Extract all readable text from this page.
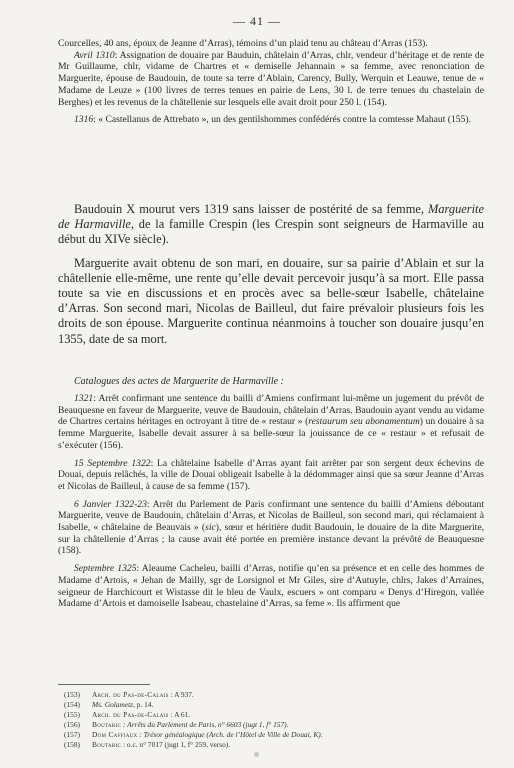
— 41 —

Courcelles, 40 ans, époux de Jeanne d’Arras), témoins d’un plaid tenu au château d’Arras (153).

Avril 1310: Assignation de douaire par Bauduin, châtelain d’Arras, chlr, vendeur d’héritage et de rente de Mr Guillaume, chlr, vidame de Chartres et « demiselle Jehannain » sa femme, avec renonciation de Marguerite, épouse de Baudouin, de toute sa terre d’Ablain, Carency, Bully, Werquin et Leauwe, tenue de « Madame de Leuze » (100 livres de terres tenues en pairie de Lens, 30 l. de terre tenues du chastelain de Berghes) et les revenus de la châtellenie sur lesquels elle avait droit pour 250 l. (154).

1316: « Castellanus de Attrebato », un des gentilshommes confédérés contre la comtesse Mahaut (155).

Baudouin X mourut vers 1319 sans laisser de postérité de sa femme, Marguerite de Harmaville, de la famille Crespin (les Crespin sont seigneurs de Harmaville au début du XIVe siècle).

Marguerite avait obtenu de son mari, en douaire, sur sa pairie d’Ablain et sur la châtellenie elle-même, une rente qu’elle devait percevoir jusqu’à sa mort. Elle passa toute sa vie en discussions et en procès avec sa belle-sœur Isabelle, châtelaine d’Arras. Son second mari, Nicolas de Bailleul, dut faire prévaloir plusieurs fois les droits de son épouse. Marguerite continua néanmoins à toucher son douaire jusqu’en 1355, date de sa mort.

Catalogues des actes de Marguerite de Harmaville :

1321: Arrêt confirmant une sentence du bailli d’Amiens confirmant lui-même un jugement du prévôt de Beauquesne en faveur de Marguerite, veuve de Baudouin, châtelain d’Arras. Baudouin ayant vendu au vidame de Chartres certains héritages en octroyant à titre de « restaur » (restaurum seu abonamentum) un douaire à sa femme Marguerite, Isabelle devait assurer à sa belle-sœur la jouissance de ce « restaur » et refusait de s’exécuter (156).

15 Septembre 1322: La châtelaine Isabelle d’Arras ayant fait arrêter par son sergent deux échevins de Douai, depuis relâchés, la ville de Douai obligeait Isabelle à la dédommager ainsi que sa sœur Jeanne d’Arras et Nicolas de Bailleul, à cause de sa femme (157).

6 Janvier 1322-23: Arrêt du Parlement de Paris confirmant une sentence du bailli d’Amiens déboutant Marguerite, veuve de Baudouin, châtelain d’Arras, et Nicolas de Bailleul, son second mari, qui réclamaient à Isabelle, « châtelaine de Beauvais » (sic), sœur et héritière dudit Baudouin, le douaire de la dite Marguerite, sur la châtellenie d’Arras ; la cause avait été portée en première instance devant la prévôté de Beauquesne (158).

Septembre 1325: Aleaume Cacheleu, bailli d’Arras, notifie qu’en sa présence et en celle des hommes de Madame d’Artois, « Jehan de Mailly, sgr de Lorsignol et Mr Giles, sire d’Autuyle, chlrs, Jakes d’Arraines, seigneur de Harchicourt et Wistasse dit le bleu de Vaulx, escuers » ont comparu « Denys d’Hiregon, vallée Madame d’Artois et damoiselle Isabeau, chastelaine d’Arras, sa feme ». Ils affirment que

(153) Arch. du Pas-de-Calais : A 937.
(154) Ms. Golametz, p. 14.
(155) Arch. du Pas-de-Calais : A 61.
(156) Boutaric : Arrêts du Parlement de Paris, n° 6603 (jugt 1, f° 157).
(157) Dom Caffiaux : Trésor généalogique (Arch. de l’Hôtel de Ville de Douai, K).
(158) Boutaric : o.c. n° 7017 (jugt 1, f° 259, verso).
